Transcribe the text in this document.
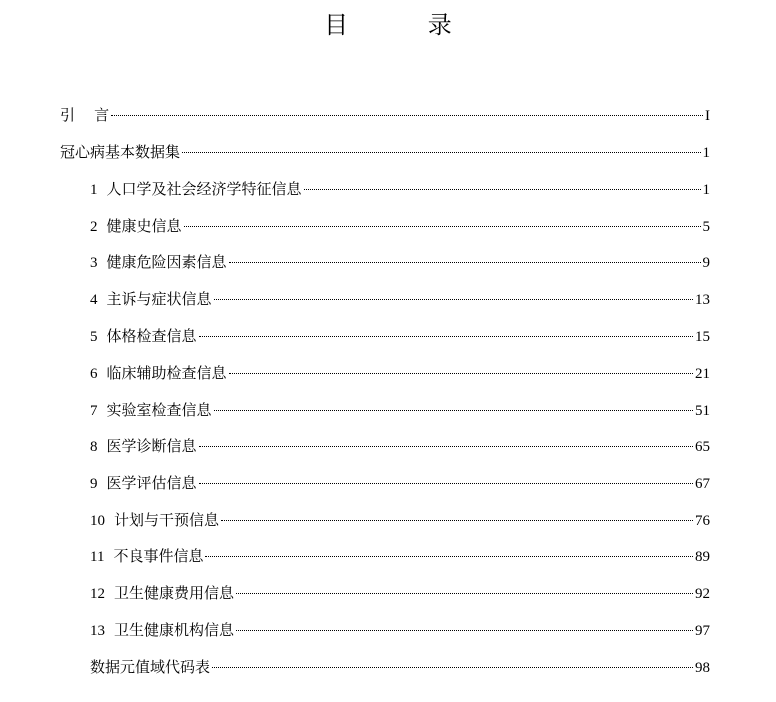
目 录
引    言	I
冠心病基本数据集	1
1 人口学及社会经济学特征信息	1
2 健康史信息	5
3 健康危险因素信息	9
4 主诉与症状信息	13
5 体格检查信息	15
6 临床辅助检查信息	21
7 实验室检查信息	51
8 医学诊断信息	65
9 医学评估信息	67
10 计划与干预信息	76
11 不良事件信息	89
12 卫生健康费用信息	92
13 卫生健康机构信息	97
数据元值域代码表	98
